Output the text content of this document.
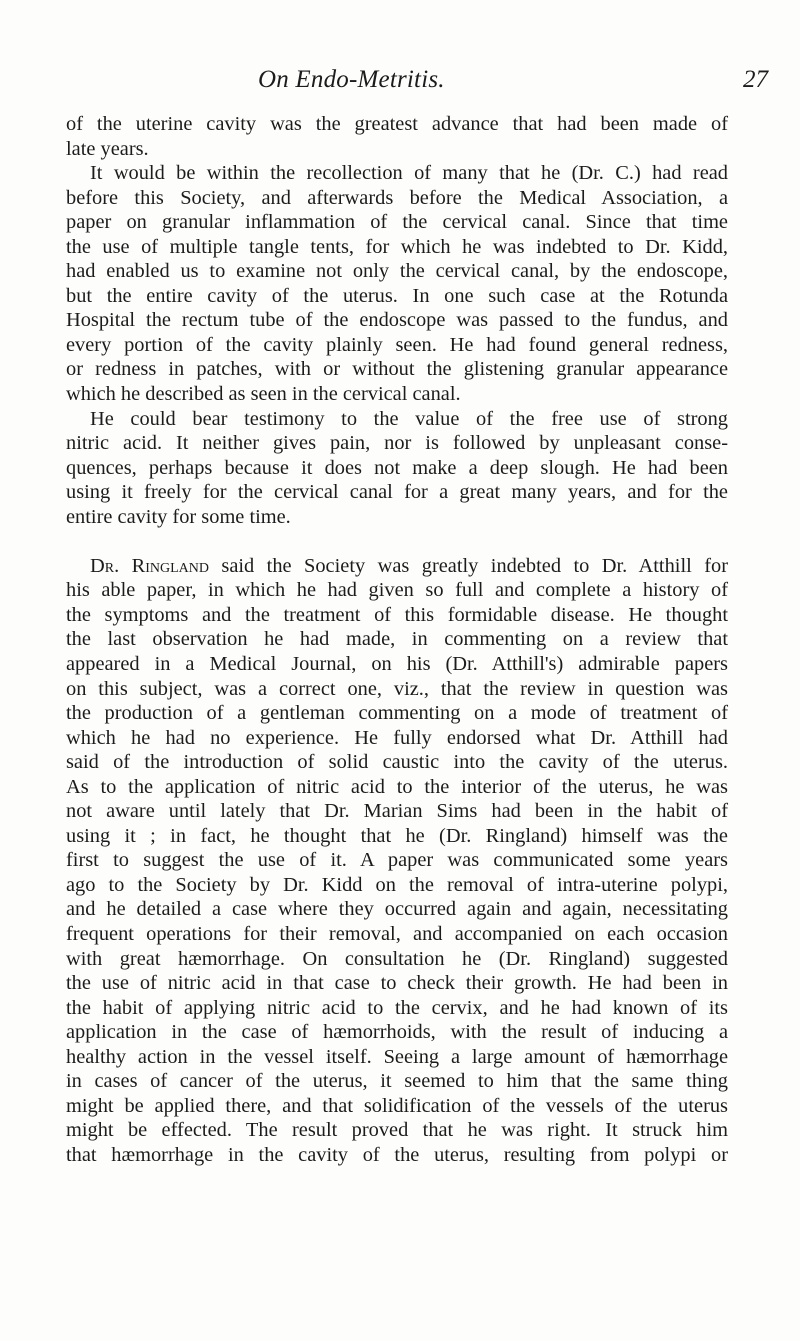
On Endo-Metritis.	27
of the uterine cavity was the greatest advance that had been made of
late years.
It would be within the recollection of many that he (Dr. C.) had read
before this Society, and afterwards before the Medical Association, a
paper on granular inflammation of the cervical canal. Since that time
the use of multiple tangle tents, for which he was indebted to Dr. Kidd,
had enabled us to examine not only the cervical canal, by the endoscope,
but the entire cavity of the uterus. In one such case at the Rotunda
Hospital the rectum tube of the endoscope was passed to the fundus, and
every portion of the cavity plainly seen. He had found general redness,
or redness in patches, with or without the glistening granular appearance
which he described as seen in the cervical canal.
He could bear testimony to the value of the free use of strong
nitric acid. It neither gives pain, nor is followed by unpleasant conse-
quences, perhaps because it does not make a deep slough. He had been
using it freely for the cervical canal for a great many years, and for the
entire cavity for some time.
Dr. Ringland said the Society was greatly indebted to Dr. Atthill for
his able paper, in which he had given so full and complete a history of
the symptoms and the treatment of this formidable disease. He thought
the last observation he had made, in commenting on a review that
appeared in a Medical Journal, on his (Dr. Atthill's) admirable papers
on this subject, was a correct one, viz., that the review in question was
the production of a gentleman commenting on a mode of treatment of
which he had no experience. He fully endorsed what Dr. Atthill had
said of the introduction of solid caustic into the cavity of the uterus.
As to the application of nitric acid to the interior of the uterus, he was
not aware until lately that Dr. Marian Sims had been in the habit of
using it ; in fact, he thought that he (Dr. Ringland) himself was the
first to suggest the use of it. A paper was communicated some years
ago to the Society by Dr. Kidd on the removal of intra-uterine polypi,
and he detailed a case where they occurred again and again, necessitating
frequent operations for their removal, and accompanied on each occasion
with great hæmorrhage. On consultation he (Dr. Ringland) suggested
the use of nitric acid in that case to check their growth. He had been in
the habit of applying nitric acid to the cervix, and he had known of its
application in the case of hæmorrhoids, with the result of inducing a
healthy action in the vessel itself. Seeing a large amount of hæmorrhage
in cases of cancer of the uterus, it seemed to him that the same thing
might be applied there, and that solidification of the vessels of the uterus
might be effected. The result proved that he was right. It struck him
that hæmorrhage in the cavity of the uterus, resulting from polypi or
